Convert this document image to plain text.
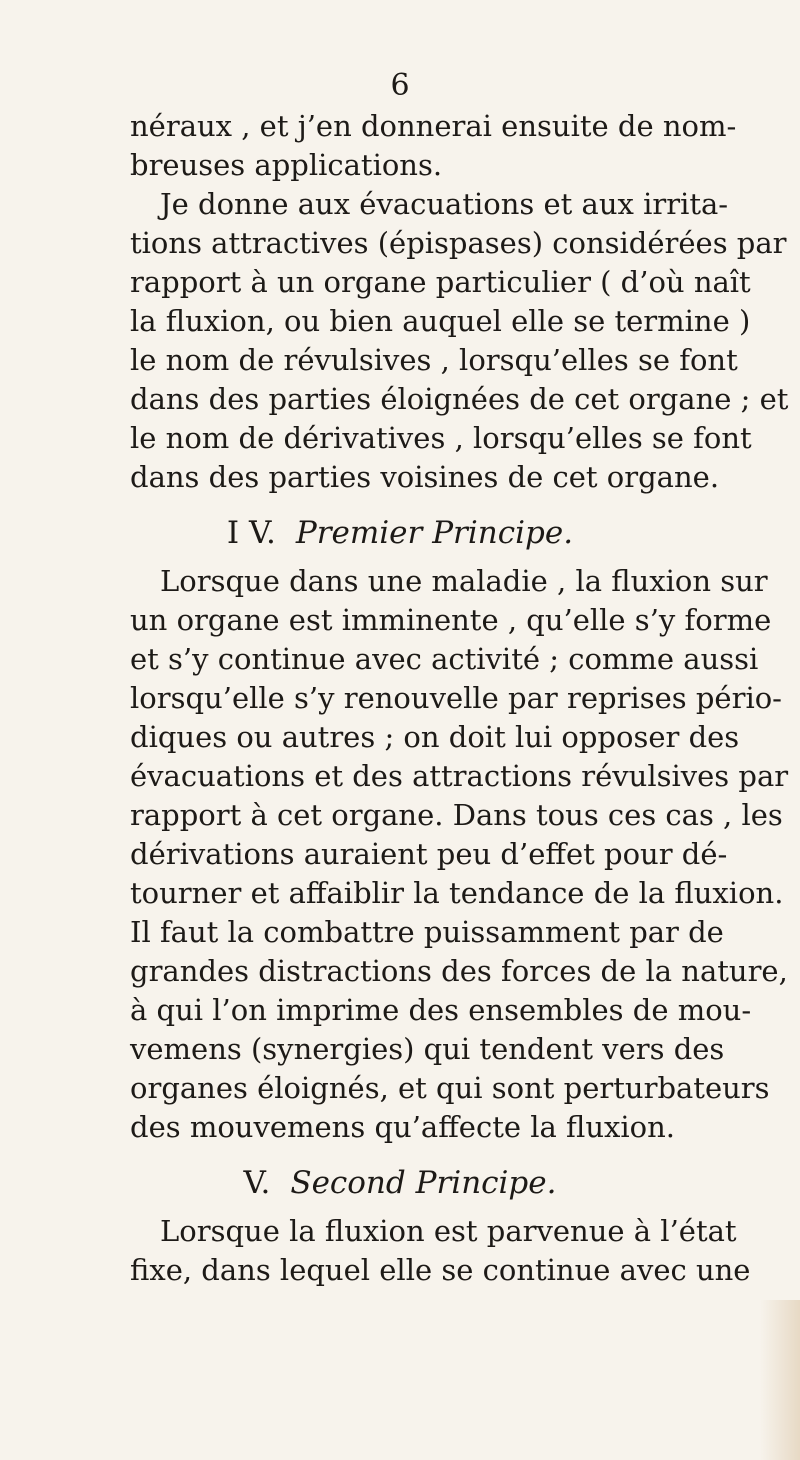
6
néraux , et j’en donnerai ensuite de nom-
breuses applications.
Je donne aux évacuations et aux irrita-
tions attractives (épispases) considérées par
rapport à un organe particulier ( d’où naît
la fluxion, ou bien auquel elle se termine )
le nom de révulsives , lorsqu’elles se font
dans des parties éloignées de cet organe ; et
le nom de dérivatives , lorsqu’elles se font
dans des parties voisines de cet organe.
I V. Premier Principe.
Lorsque dans une maladie , la fluxion sur
un organe est imminente , qu’elle s’y forme
et s’y continue avec activité ; comme aussi
lorsqu’elle s’y renouvelle par reprises pério-
diques ou autres ; on doit lui opposer des
évacuations et des attractions révulsives par
rapport à cet organe. Dans tous ces cas , les
dérivations auraient peu d’effet pour dé-
tourner et affaiblir la tendance de la fluxion.
Il faut la combattre puissamment par de
grandes distractions des forces de la nature,
à qui l’on imprime des ensembles de mou-
vemens (synergies) qui tendent vers des
organes éloignés, et qui sont perturbateurs
des mouvemens qu’affecte la fluxion.
V. Second Principe.
Lorsque la fluxion est parvenue à l’état
fixe, dans lequel elle se continue avec une
